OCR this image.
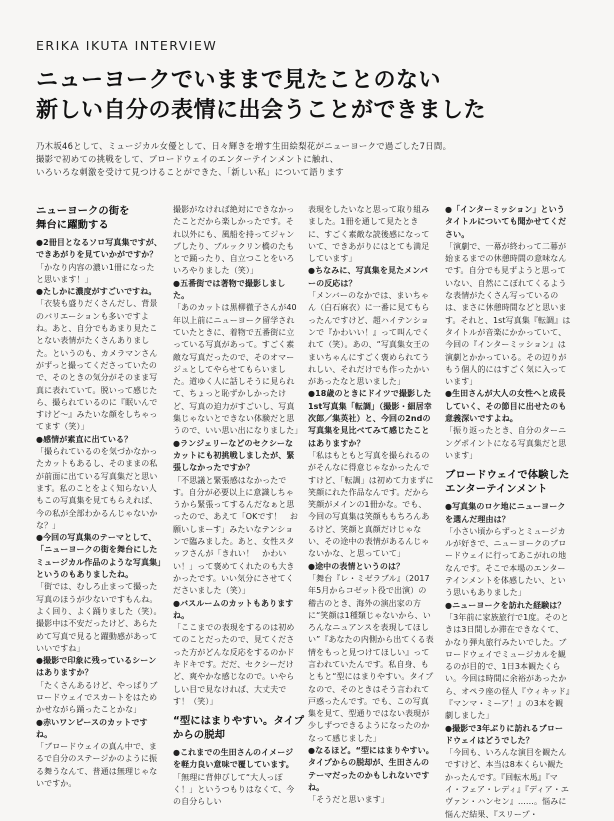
ERIKA IKUTA INTERVIEW
ニューヨークでいままで見たことのない
新しい自分の表情に出会うことができました
乃木坂46として、ミュージカル女優として、日々輝きを増す生田絵梨花がニューヨークで過ごした7日間。
撮影で初めての挑戦をして、ブロードウェイのエンターテインメントに触れ、
いろいろな刺激を受けて見つけることができた、「新しい私」について語ります
ニューヨークの街を
舞台に躍動する

●2冊目となるソロ写真集ですが、できあがりを見ていかがですか？

「かなり内容の濃い1冊になったと思います！」

●たしかに濃度がすごいですね。

「衣装も盛りだくさんだし、背景のバリエーションも多いですよね。あと、自分でもあまり見たことない表情がたくさんありました。というのも、カメラマンさんがずっと撮ってくださっていたので、そのときの気分がそのまま写真に表れていて。脱いって感じたら、撮られているのに『眠いんですけど～』みたいな顔をしちゃってます（笑）」

●感情が素直に出ている？

「撮られているのを気づかなかったカットもあるし、そのままの私が前面に出ている写真集だと思います。私のことをよく知らない人もこの写真集を見てもらえれば、今の私が全部わかるんじゃないかな？」

●今回の写真集のテーマとして、「ニューヨークの街を舞台にしたミュージカル作品のような写真集」というのもありましたね。

「街では、むしろ止まって撮った写真のほうが少ないですもんね。よく回り、よく踊りました（笑）。撮影中は不安だったけど、あらためて写真で見ると躍動感があっていいですね」

●撮影で印象に残っているシーンはありますか？

「たくさんあるけど、やっぱりブロードウェイでスカートをはためかせながら踊ったことかな」

●赤いワンピースのカットですね。

「ブロードウェイの真ん中で、まるで自分のステージかのように振る舞うなんて、普通は無理じゃないですか。

撮影がなければ絶対にできなかったことだから楽しかったです。それ以外にも、風船を持ってジャンプしたり、ブルックリン橋のたもとで踊ったり、自立つことをいろいろやりました（笑）」

●五番街では著物で撮影しました。

「あのカットは黒柳徹子さんが40年以上前にニューヨーク留学されていたときに、着物で五番街に立っている写真があって。すごく素敵な写真だったので、そのオマージュとしてやらせてもらいました。道ゆく人に話しそうに見られて、ちょっと恥ずかしかったけど、写真の迫力がすごいし、写真集じゃないとできない体験だと思うので、いい思い出になりました」

●ランジェリーなどのセクシーなカットにも初挑戦しましたが、緊張しなかったですか？

「不思議と緊張感はなかったです。自分が必要以上に意識しちゃうから緊張ってするんだなぁと思ったので、あえて「OKです！　お願いしまーす」みたいなテンションで臨みました。あと、女性スタッフさんが「きれい！　かわいい！」って褒めてくれたのも大きかったです。いい気分にさせてくださいました（笑）」

●バスルームのカットもありますね。

「ここまでの表現をするのは初めてのことだったので、見てくださった方がどんな反応をするのかドキドキです。だだ、セクシーだけど、爽やかな感じなので。いやらしい目で見なければ、大丈夫です！（笑）」

“型にはまりやすい。タイプ
からの脱却

●これまでの生田さんのイメージを軽力良い意味で覆しています。

「無理に背伸びして“大人っぽく！」というつもりはなくて、今の自分らしい

表現をしたいなと思って取り組みました。1冊を通して見たときに、すごく素敵な読後感になっていて、できあがりにはとても満足しています」

●ちなみに、写真集を見たメンバーの反応は？

「メンバーのなかでは、まいちゃん（白石麻衣）に一番に見てもらったんですけど、超ハイテンションで『かわいい！』って叫んでくれて（笑）。あの、“写真集女王のまいちゃんにすごく褒められてうれしい、それだけでも作ったかいがあったなと思いました」

●18歳のときにドイツで撮影した1st写真集「転調」（撮影・細居幸次郎／集英社）と、今回の2ndの写真集を見比べてみて感じたことはありますか？

「私はもともと写真を撮られるのがそんなに得意じゃなかったんですけど、「転調」は初めて力まずに笑顔にれた作品なんです。だから笑顔がメインの1冊かな。でも、今回の写真集は笑顔ももちろんあるけど、笑顔と真顔だけじゃない、その途中の表情があるんじゃないかな、と思っていて」

●途中の表情というのは？

「舞台『レ・ミゼラブル』（2017年5月からコゼット役で出演）の稽古のとき、海外の演出家の方に“笑顔は1種類じゃないから、いろんなニュアンスを表現してほしい”『あなたの内側から出てくる表情をもっと見つけてほしい』って言われていたんです。私自身、もともと“型にはまりやすい。タイプなので、そのときはそう言われて戸惑ったんです。でも、この写真集を見て、型通りではない表現が少しずつできるようになったのかなって感じました」

●なるほど。“型にはまりやすい。タイプからの脱却が、生田さんのテーマだったのかもしれないですね。

「そうだと思います」

●「インターミッション」というタイトルについても聞かせてください。

「演劇で、一幕が終わって二幕が始まるまでの休憩時間の意味なんです。自分でも見ずようと思っていない、自然にこぼれてくるような表情がたくさん写っているのは、まさに休憩時間などと思います。それと、1st写真集『転調』はタイトルが音楽にかかっていて、今回の『インターミッション』は演劇とかかっている。その辺りがもう個人的にはすごく気に入っています」

●生田さんが大人の女性へと成長していく、その節目に出せたのも意義深いですよね。

「振り返ったとき、自分のターニングポイントになる写真集だと思います」

ブロードウェイで体験した
エンターテインメント

●写真集のロケ地にニューヨークを選んだ理由は？

「小さい頃からずっとミュージカルが好きで、ニューヨークのブロードウェイに行ってあこがれの地なんです。そこで本場のエンターテインメントを体感したい、という思いもありました」

●ニューヨークを訪れた経験は？

「3年前に家族旅行で1度。そのときは3日間しか滞在できなくて、かなり弾丸旅行みたいでした。ブロードウェイでミュージカルを観るのが目的で、1日3本観たくらい。今回は時間に余裕があったから、オペラ座の怪人『ウィキッド』『マンマ・ミーア！』の3本を観劇しました」

●撮影で3年ぶりに訪れるブロードウェイはどうでした？

「今回も、いろんな演目を観たんですけど、本当は8本くらい観たかったんです。『回転木馬』『マイ・フェア・レディ』『ディア・エヴァン・ハンセン』……。悩みに悩んだ結果、『スリープ・
